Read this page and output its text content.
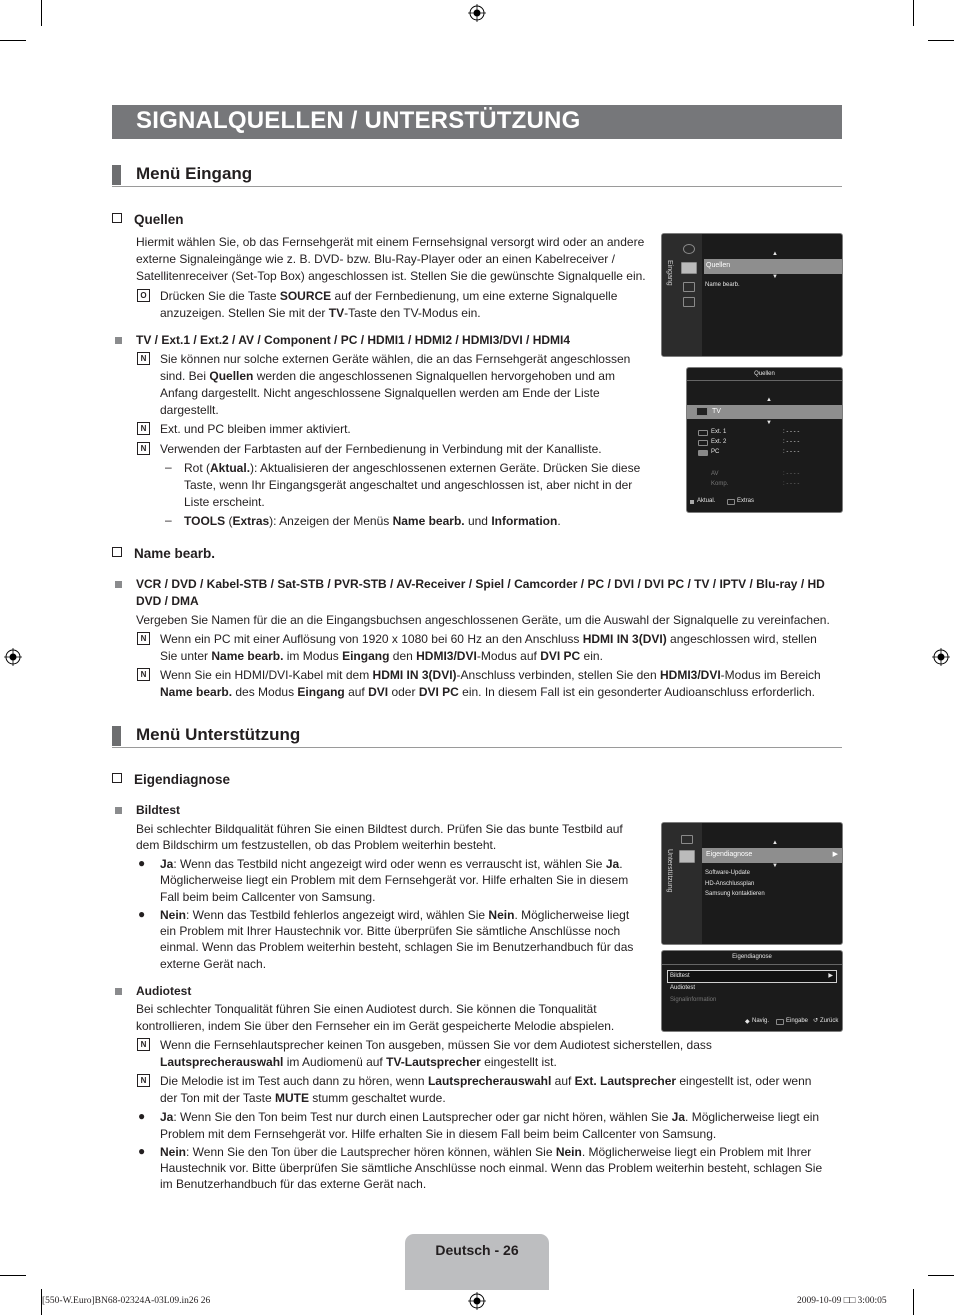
SIGNALQUELLEN / UNTERSTÜTZUNG
Menü Eingang
Quellen
Hiermit wählen Sie, ob das Fernsehgerät mit einem Fernsehsignal versorgt wird oder an andere
externe Signaleingänge wie z. B. DVD- bzw. Blu-Ray-Player oder an einen Kabelreceiver /
Satellitenreceiver (Set-Top Box) angeschlossen ist. Stellen Sie die gewünschte Signalquelle ein.
O Drücken Sie die Taste SOURCE auf der Fernbedienung, um eine externe Signalquelle
anzuzeigen. Stellen Sie mit der TV-Taste den TV-Modus ein.
TV / Ext.1 / Ext.2 / AV / Component / PC / HDMI1 / HDMI2 / HDMI3/DVI / HDMI4
N	Sie können nur solche externen Geräte wählen, die an das Fernsehgerät angeschlossen
sind. Bei Quellen werden die angeschlossenen Signalquellen hervorgehoben und am
Anfang dargestellt. Nicht angeschlossene Signalquellen werden am Ende der Liste
dargestellt.
N	Ext. und PC bleiben immer aktiviert.
N	Verwenden der Farbtasten auf der Fernbedienung in Verbindung mit der Kanalliste.
– Rot (Aktual.): Aktualisieren der angeschlossenen externen Geräte. Drücken Sie diese
Taste, wenn Ihr Eingangsgerät angeschaltet und angeschlossen ist, aber nicht in der
Liste erscheint.
– TOOLS (Extras): Anzeigen der Menüs Name bearb. und Information.
Name bearb.
VCR / DVD / Kabel-STB / Sat-STB / PVR-STB / AV-Receiver / Spiel / Camcorder / PC / DVI / DVI PC / TV / IPTV / Blu-ray / HD
DVD / DMA
Vergeben Sie Namen für die an die Eingangsbuchsen angeschlossenen Geräte, um die Auswahl der Signalquelle zu vereinfachen.
N	Wenn ein PC mit einer Auflösung von 1920 x 1080 bei 60 Hz an den Anschluss HDMI IN 3(DVI) angeschlossen wird, stellen
Sie unter Name bearb. im Modus Eingang den HDMI3/DVI-Modus auf DVI PC ein.
N	Wenn Sie ein HDMI/DVI-Kabel mit dem HDMI IN 3(DVI)-Anschluss verbinden, stellen Sie den HDMI3/DVI-Modus im Bereich
Name bearb. des Modus Eingang auf DVI oder DVI PC ein. In diesem Fall ist ein gesonderter Audioanschluss erforderlich.
Menü Unterstützung
Eigendiagnose
Bildtest
Bei schlechter Bildqualität führen Sie einen Bildtest durch. Prüfen Sie das bunte Testbild auf
dem Bildschirm um festzustellen, ob das Problem weiterhin besteht.
● Ja: Wenn das Testbild nicht angezeigt wird oder wenn es verrauscht ist, wählen Sie Ja.
Möglicherweise liegt ein Problem mit dem Fernsehgerät vor. Hilfe erhalten Sie in diesem
Fall beim beim Callcenter von Samsung.
● Nein: Wenn das Testbild fehlerlos angezeigt wird, wählen Sie Nein. Möglicherweise liegt
ein Problem mit Ihrer Haustechnik vor. Bitte überprüfen Sie sämtliche Anschlüsse noch
einmal. Wenn das Problem weiterhin besteht, schlagen Sie im Benutzerhandbuch für das
externe Gerät nach.
Audiotest
Bei schlechter Tonqualität führen Sie einen Audiotest durch. Sie können die Tonqualität
kontrollieren, indem Sie über den Fernseher ein im Gerät gespeicherte Melodie abspielen.
N	Wenn die Fernsehlautsprecher keinen Ton ausgeben, müssen Sie vor dem Audiotest sicherstellen, dass
Lautsprecherauswahl im Audiomenü auf TV-Lautsprecher eingestellt ist.
N	Die Melodie ist im Test auch dann zu hören, wenn Lautsprecherauswahl auf Ext. Lautsprecher eingestellt ist, oder wenn
der Ton mit der Taste MUTE stumm geschaltet wurde.
● Ja: Wenn Sie den Ton beim Test nur durch einen Lautsprecher oder gar nicht hören, wählen Sie Ja. Möglicherweise liegt ein
Problem mit dem Fernsehgerät vor. Hilfe erhalten Sie in diesem Fall beim beim Callcenter von Samsung.
● Nein: Wenn Sie den Ton über die Lautsprecher hören können, wählen Sie Nein. Möglicherweise liegt ein Problem mit Ihrer
Haustechnik vor. Bitte überprüfen Sie sämtliche Anschlüsse noch einmal. Wenn das Problem weiterhin besteht, schlagen Sie
im Benutzerhandbuch für das externe Gerät nach.
Eingang
▲
Quellen
▼
Name bearb.
Quellen
▲
TV
▼
Ext. 1	: - - - -
Ext. 2	: - - - -
PC	: - - - -
AV	: - - - -
Komp.	: - - - -
Aktual.	Extras
Unterstützung
▲
Eigendiagnose	▶
▼
Software-Update
HD-Anschlussplan
Samsung kontaktieren
Eigendiagnose
Bildtest	▶
Audiotest
Signalinformation
◆ Navig.	Eingabe ↺ Zurück
Deutsch - 26
[550-W.Euro]BN68-02324A-03L09.in26 26	2009-10-09 □□ 3:00:05
